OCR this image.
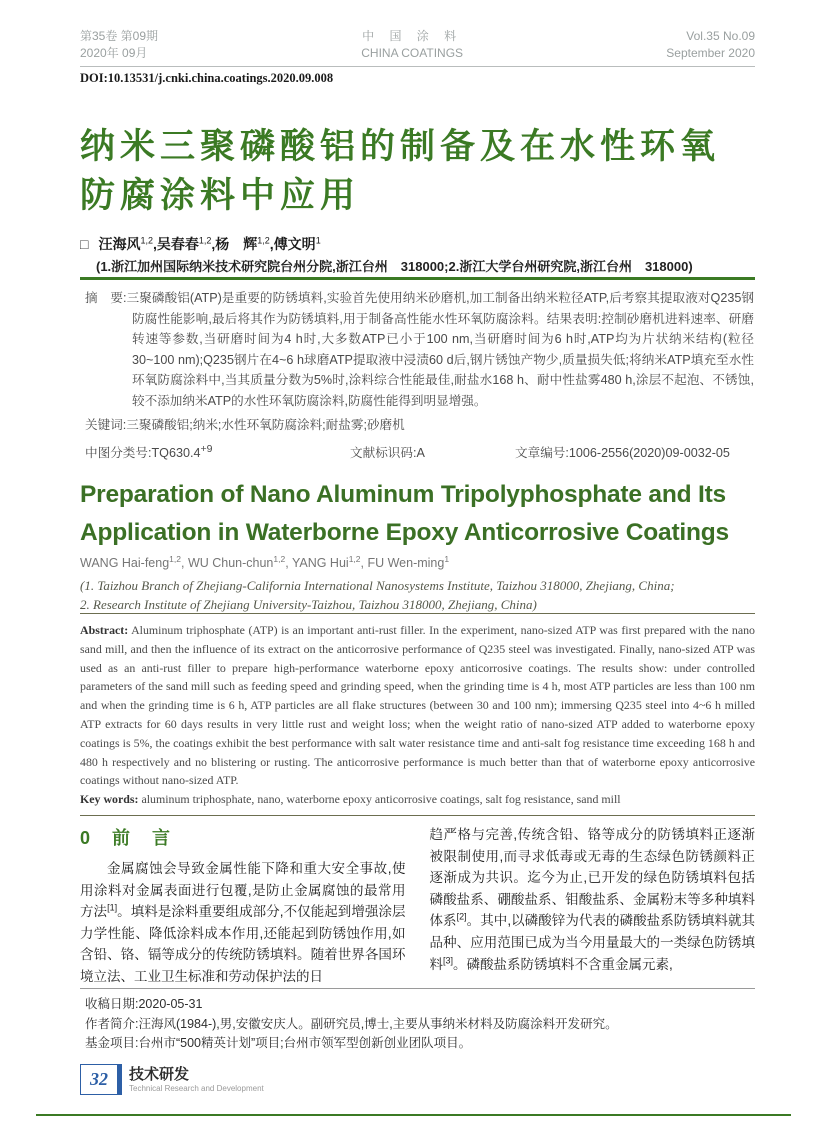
第35卷 第09期
2020年 09月
中 国 涂 料
CHINA COATINGS
Vol.35 No.09
September 2020
DOI:10.13531/j.cnki.china.coatings.2020.09.008
纳米三聚磷酸铝的制备及在水性环氧
防腐涂料中应用
□ 汪海风$^{1,2}$,吴春春$^{1,2}$,杨　辉$^{1,2}$,傅文明$^1$
(1.浙江加州国际纳米技术研究院台州分院,浙江台州　318000;2.浙江大学台州研究院,浙江台州　318000)

摘　要:三聚磷酸铝(ATP)是重要的防锈填料,实验首先使用纳米砂磨机,加工制备出纳米粒径ATP,后考察其提取液对Q235钢防腐性能影响,最后将其作为防锈填料,用于制备高性能水性环氧防腐涂料。结果表明:控制砂磨机进料速率、研磨转速等参数,当研磨时间为4 h时,大多数ATP已小于100 nm,当研磨时间为6 h时,ATP均为片状纳米结构(粒径30~100 nm);Q235钢片在4~6 h球磨ATP提取液中浸渍60 d后,钢片锈蚀产物少,质量损失低;将纳米ATP填充至水性环氧防腐涂料中,当其质量分数为5%时,涂料综合性能最佳,耐盐水168 h、耐中性盐雾480 h,涂层不起泡、不锈蚀,较不添加纳米ATP的水性环氧防腐涂料,防腐性能得到明显增强。

关键词:三聚磷酸铝;纳米;水性环氧防腐涂料;耐盐雾;砂磨机

中图分类号$:TQ630.4^{+9}$	文献标识码:A	文章编号:1006-2556(2020)09-0032-05
Preparation of Nano Aluminum Tripolyphosphate and Its
Application in Waterborne Epoxy Anticorrosive Coatings
WANG Hai-feng$^{1,2}$, WU Chun-chun$^{1,2}$, YANG Hui$^{1,2}$, FU Wen-ming$^1$
(1. Taizhou Branch of Zhejiang-California International Nanosystems Institute, Taizhou 318000, Zhejiang, China;
2. Research Institute of Zhejiang University-Taizhou, Taizhou 318000, Zhejiang, China)

Abstract: Aluminum triphosphate (ATP) is an important anti-rust filler. In the experiment, nano-sized ATP was first prepared with the nano sand mill, and then the influence of its extract on the anticorrosive performance of Q235 steel was investigated. Finally, nano-sized ATP was used as an anti-rust filler to prepare high-performance waterborne epoxy anticorrosive coatings. The results show: under controlled parameters of the sand mill such as feeding speed and grinding speed, when the grinding time is 4 h, most ATP particles are less than 100 nm and when the grinding time is 6 h, ATP particles are all flake structures (between 30 and 100 nm); immersing Q235 steel into 4~6 h milled ATP extracts for 60 days results in very little rust and weight loss; when the weight ratio of nano-sized ATP added to waterborne epoxy coatings is 5%, the coatings exhibit the best performance with salt water resistance time and anti-salt fog resistance time exceeding 168 h and 480 h respectively and no blistering or rusting. The anticorrosive performance is much better than that of waterborne epoxy anticorrosive coatings without nano-sized ATP.

Key words: aluminum triphosphate, nano, waterborne epoxy anticorrosive coatings, salt fog resistance, sand mill

0　前　言

金属腐蚀会导致金属性能下降和重大安全事故,使用涂料对金属表面进行包覆,是防止金属腐蚀的最常用方法[1]。填料是涂料重要组成部分,不仅能起到增强涂层力学性能、降低涂料成本作用,还能起到防锈蚀作用,如含铅、铬、镉等成分的传统防锈填料。随着世界各国环境立法、工业卫生标准和劳动保护法的日

趋严格与完善,传统含铅、铬等成分的防锈填料正逐渐被限制使用,而寻求低毒或无毒的生态绿色防锈颜料正逐渐成为共识。迄今为止,已开发的绿色防锈填料包括磷酸盐系、硼酸盐系、钼酸盐系、金属粉末等多种填料体系[2]。其中,以磷酸锌为代表的磷酸盐系防锈填料就其品种、应用范围已成为当今用量最大的一类绿色防锈填料[3]。磷酸盐系防锈填料不含重金属元素,

收稿日期:2020-05-31
作者简介:汪海风(1984-),男,安徽安庆人。副研究员,博士,主要从事纳米材料及防腐涂料开发研究。
基金项目:台州市“500精英计划”项目;台州市领军型创新创业团队项目。
32	技术研发
Technical Research and Development
